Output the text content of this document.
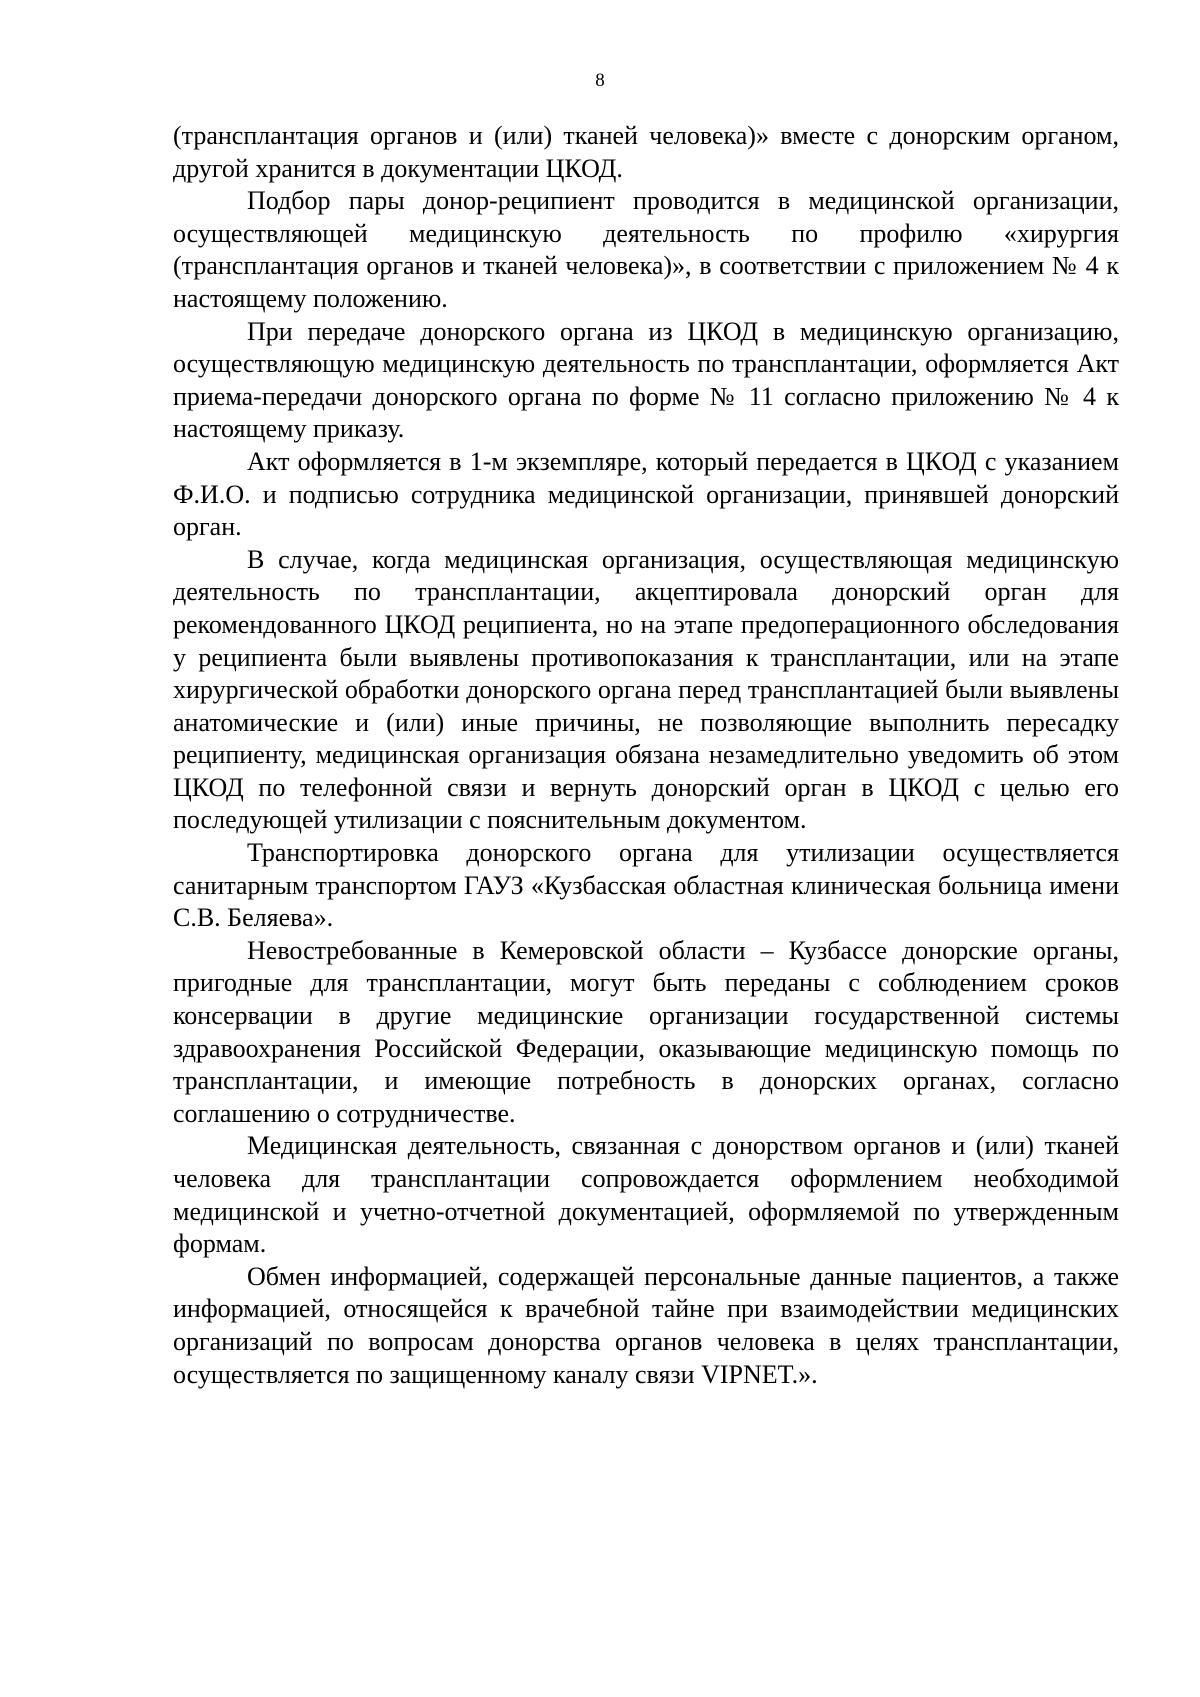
8

(трансплантация органов и (или) тканей человека)» вместе с донорским органом, другой хранится в документации ЦКОД.

Подбор пары донор-реципиент проводится в медицинской организации, осуществляющей медицинскую деятельность по профилю «хирургия (трансплантация органов и тканей человека)», в соответствии с приложением № 4 к настоящему положению.

При передаче донорского органа из ЦКОД в медицинскую организацию, осуществляющую медицинскую деятельность по трансплантации, оформляется Акт приема-передачи донорского органа по форме № 11 согласно приложению № 4 к настоящему приказу.

Акт оформляется в 1-м экземпляре, который передается в ЦКОД с указанием Ф.И.О. и подписью сотрудника медицинской организации, принявшей донорский орган.

В случае, когда медицинская организация, осуществляющая медицинскую деятельность по трансплантации, акцептировала донорский орган для рекомендованного ЦКОД реципиента, но на этапе предоперационного обследования у реципиента были выявлены противопоказания к трансплантации, или на этапе хирургической обработки донорского органа перед трансплантацией были выявлены анатомические и (или) иные причины, не позволяющие выполнить пересадку реципиенту, медицинская организация обязана незамедлительно уведомить об этом ЦКОД по телефонной связи и вернуть донорский орган в ЦКОД с целью его последующей утилизации с пояснительным документом.

Транспортировка донорского органа для утилизации осуществляется санитарным транспортом ГАУЗ «Кузбасская областная клиническая больница имени С.В. Беляева».

Невостребованные в Кемеровской области – Кузбассе донорские органы, пригодные для трансплантации, могут быть переданы с соблюдением сроков консервации в другие медицинские организации государственной системы здравоохранения Российской Федерации, оказывающие медицинскую помощь по трансплантации, и имеющие потребность в донорских органах, согласно соглашению о сотрудничестве.

Медицинская деятельность, связанная с донорством органов и (или) тканей человека для трансплантации сопровождается оформлением необходимой медицинской и учетно-отчетной документацией, оформляемой по утвержденным формам.

Обмен информацией, содержащей персональные данные пациентов, а также информацией, относящейся к врачебной тайне при взаимодействии медицинских организаций по вопросам донорства органов человека в целях трансплантации, осуществляется по защищенному каналу связи VIPNET.».
